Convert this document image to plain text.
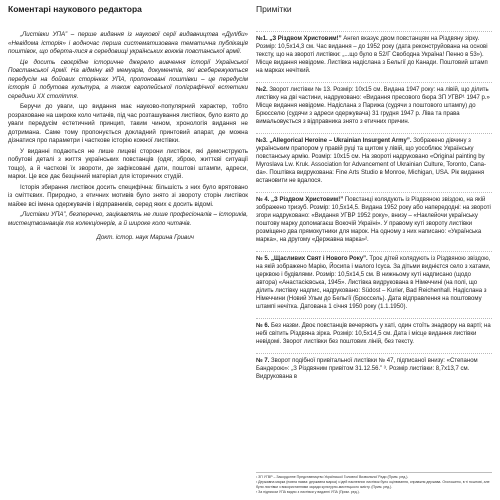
Коментарі наукового редактора

„Листівки УПА” – перше видання із наукової серії видавництва «Дуліби» «Невідома історія» і водночас перша систематизована тематична публікація поштівок, що оберта-лися в середовищі українських воюків повстанської армії.

Це досить своєрідне історичне джерело вивчення історії Української Повстанської Армії. На відміну від мемуарів, документів, які всебережуються передусім на бойових сторінках УПА, пропоновані поштівки – це передусім історія й побутова культура, а також європейської поліграфічної естетики середини ХХ століття.

Беручи до уваги, що видання має науково-популярний характер, тобто розраховане на широке коло читачів, під час розташування листівок, було взято до уваги передусім естетичний принцип, таким чином, хронологія видання не дотримана. Саме тому пропонується докладний принтовий апарат, де можна дізнатися про параметри і часткове історію кожної листівки.

У виданні подаються не лише лицеві сторони листівок, які демонструють побутові деталі з життя українських повстанців (одяг, зброю, життєві ситуації тощо), а й часткові їх звороти, де зафіксовані дати, поштові штампи, адреси, марки. Це все дає безцінний матеріал для історичних студій.

Історія збирання листівок досить специфічна: більшість з них було врятовано із сміттєвих. Природно, з етичних мотивів було знято зі звороту сторін листівок майже всі імена одержувачів і відправників, серед яких є досить відомі.

„Листівки УПА”, безперечно, зацікавлять не лише професіоналів – істориків, мистецтвознавців та колекціонерів, а й широке коло читачів.

Докт. істор. наук Марина Гривич

Примітки
№1. „З Різдвом Христовим!” Ангел вказує двом повстанцям на Різдвяну зірку. Розмір: 10,5х14,3 см. Час видання – до 1952 року (дата реконструйована на основі тексту, що на звороті листівки: „...що було в 52/Г Свободна Україна! Пенно в 53»). Місце видання невідоме. Листівка надіслана з Бельгії до Канади. Поштовий штамп на марках нечіткий.
№2. Зворот листівки № 13. Розмір: 10х15 см. Видана 1947 року: на лівій, що ділить листівку на дві частини, надруковано: «Видання пресового бюра ЗП УГВР¹ 1947 р.» Місце видання невідоме. Надіслана з Парижа (судячи з поштового штампу) до Брюсселю (судячи з адреси одержувача) 31 грудня 1947 р. Ліва та права вимальовується з відправника знято з етичних причин.
№3. „Allegorical Heroine – Ukrainian Insurgent Army”. Зображено дівчину з українським прапором у правій руці та щитом у лівій, що уособлює Українську повстанську армію. Розмір: 10х15 см. На звороті надруковано «Original painting by Myroslava Lw. Kruk. Association for Advancement of Ukrainian Culture, Toronto, Cana-da». Поштівка видрукована: Fine Arts Studio в Monroe, Michigan, USA. Рік видання встановити не вдалося.
№ 4. „З Різдвом Христовим!” Повстанці колядують із Різдвяною звіздою, на якій зображено тризуб. Розмір: 10,5х14,5. Видана 1952 року або напередодні: на звороті згори надруковано: «Видання УГВР 1952 року», внизу – «Наклейочи українську поштову марку допомагаєш Вокочій Україні». У правому куті звороту листівки розміщено два прямокутники для марок. На одному з них написано: «Українська марка», на другому «Державна марка»².
№ 5. „Щасливих Свят і Нового Року”. Троє дітей колядують із Різдвяною звіздою, на якій зображено Марію, Йосипа і малого Ісуса. За дітьми виднієтся село з хатами, церквою і будівлями. Розмір: 10,5х14,5 см. В нижньому куті надписано (щодо автора) «Анастасієвська, 1945». Листівка видрукована в Німеччині (на полі, що ділить листівку надпис, надруковано: Südost – Kurier, Bad Reichenhall. Надіслана з Німеччини (Новий Ульм до Бельгії (Брюссель). Дата відправлення на поштовому штампі нечітка. Датована 1 січня 1950 року (1.1.1950).
№ 6. Без назви. Двоє повстанців вечеряють у хаті, один стоїть знадвору на варті; на небі світить Різдвяна зірка. Розмір: 10,5х14,5 см. Дата і місце видання листівки невідомі. Зворот листівки без поштових ліній, без тексту.
№ 7. Зворот подібної привітальної листівки № 47, підписаної внизу: «Степаном Бандерою»: „З Різдвяним привітом 31.12.56.” ³. Розмір листівки: 8,7х13,7 см. Видрукована в
¹ ЗП УГВР – Закордонне Представництво Української Головної Визвольної Ради (Прим. ред.).
² Державна марка (повна назва: державна марка) з ідей наклеєних листівок було оцінювання, справжня держава. Оголошено, в ті поштові, але були листівки з використаннями заради культурно-мистецького змісту. (Прим. ред.).
³ За підписом УПА видно з листівки у виданні УПА (Прим. ред.).
